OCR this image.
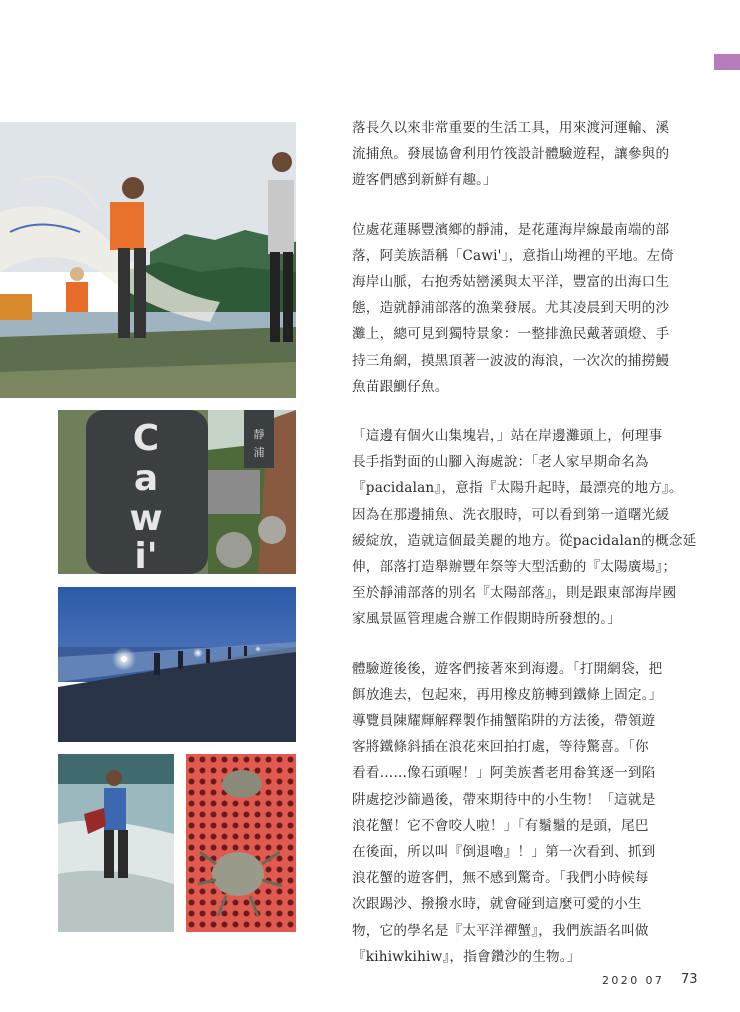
C
a
w
i'
靜
浦

落長久以來非常重要的生活工具，用來渡河運輸、溪
流捕魚。發展協會利用竹筏設計體驗遊程，讓參與的
遊客們感到新鮮有趣。」

位處花蓮縣豐濱鄉的靜浦，是花蓮海岸線最南端的部
落，阿美族語稱「Cawi'」，意指山坳裡的平地。左倚
海岸山脈，右抱秀姑巒溪與太平洋，豐富的出海口生
態，造就靜浦部落的漁業發展。尤其凌晨到天明的沙
灘上，總可見到獨特景象：一整排漁民戴著頭燈、手
持三角網，摸黑頂著一波波的海浪，一次次的捕撈鰻
魚苗跟鰂仔魚。

「這邊有個火山集塊岩，」站在岸邊灘頭上，何理事
長手指對面的山腳入海處說：「老人家早期命名為
『pacidalan』，意指『太陽升起時，最漂亮的地方』。
因為在那邊捕魚、洗衣服時，可以看到第一道曙光緩
緩綻放，造就這個最美麗的地方。從pacidalan的概念延
伸，部落打造舉辦豐年祭等大型活動的『太陽廣場』；
至於靜浦部落的別名『太陽部落』，則是跟東部海岸國
家風景區管理處合辦工作假期時所發想的。」

體驗遊後後，遊客們接著來到海邊。「打開網袋，把
餌放進去，包起來，再用橡皮筋轉到鐵條上固定。」
導覽員陳耀輝解釋製作捕蟹陷阱的方法後，帶領遊
客將鐵條斜插在浪花來回拍打處，等待驚喜。「你
看看……像石頭喔！」阿美族耆老用畚箕逐一到陷
阱處挖沙篩過後，帶來期待中的小生物！「這就是
浪花蟹！它不會咬人啦！」「有鬚鬚的是頭，尾巴
在後面，所以叫『倒退嚕』！」第一次看到、抓到
浪花蟹的遊客們，無不感到驚奇。「我們小時候每
次跟踢沙、撥撥水時，就會碰到這麼可愛的小生
物，它的學名是『太平洋禪蟹』，我們族語名叫做
『kihiwkihiw』，指會鑽沙的生物。」

2020 07 73
